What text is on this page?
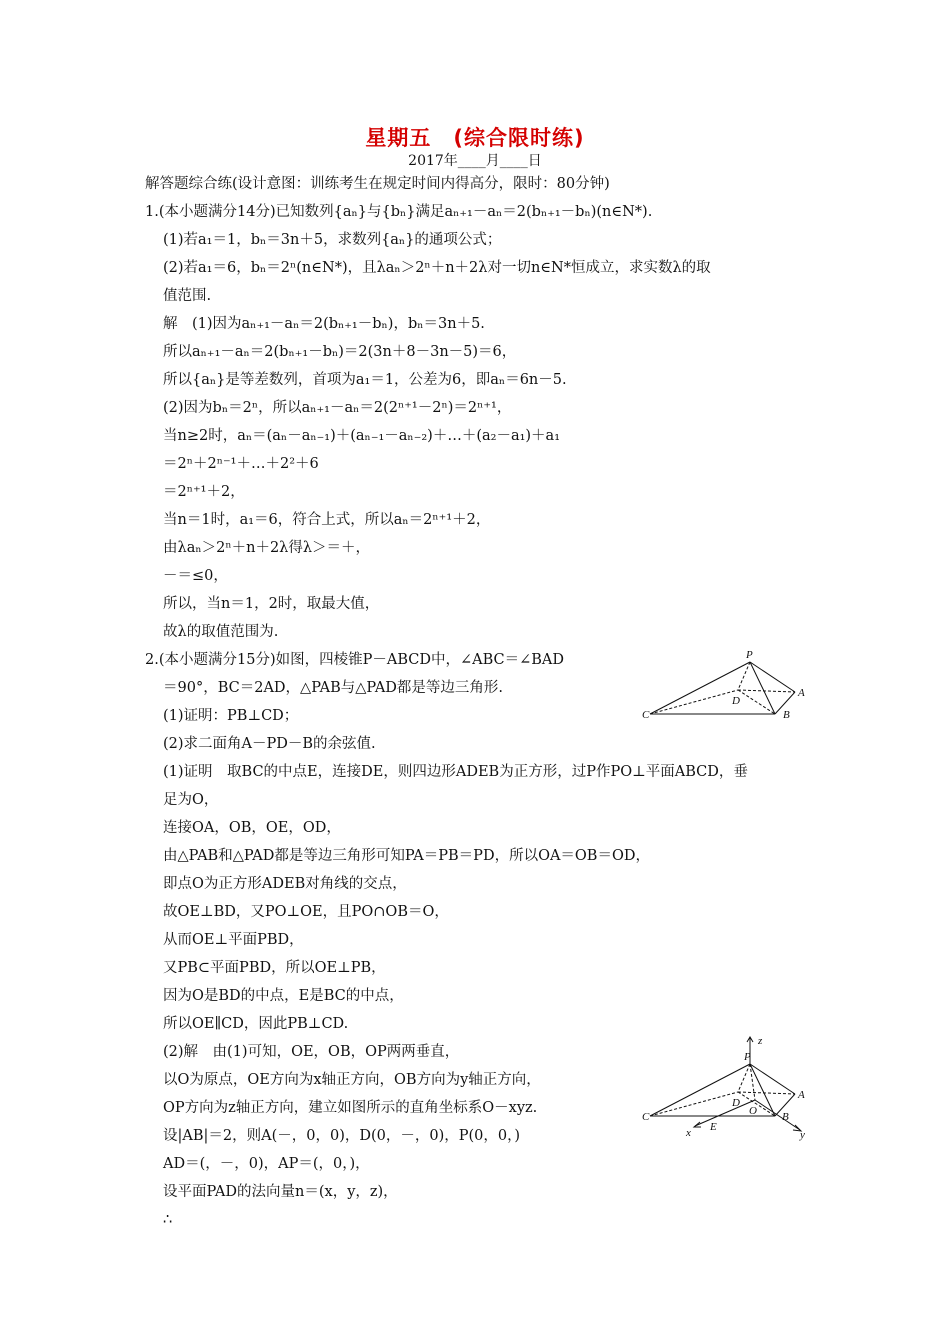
星期五　(综合限时练)
2017年____月____日
解答题综合练(设计意图：训练考生在规定时间内得高分，限时：80分钟)
1.(本小题满分14分)已知数列{aₙ}与{bₙ}满足aₙ₊₁－aₙ＝2(bₙ₊₁－bₙ)(n∈N*).
(1)若a₁＝1，bₙ＝3n＋5，求数列{aₙ}的通项公式；
(2)若a₁＝6，bₙ＝2ⁿ(n∈N*)，且λaₙ＞2ⁿ＋n＋2λ对一切n∈N*恒成立，求实数λ的取
值范围.
解　(1)因为aₙ₊₁－aₙ＝2(bₙ₊₁－bₙ)，bₙ＝3n＋5.
所以aₙ₊₁－aₙ＝2(bₙ₊₁－bₙ)＝2(3n＋8－3n－5)＝6，
所以{aₙ}是等差数列，首项为a₁＝1，公差为6，即aₙ＝6n－5.
(2)因为bₙ＝2ⁿ，所以aₙ₊₁－aₙ＝2(2ⁿ⁺¹－2ⁿ)＝2ⁿ⁺¹，
当n≥2时，aₙ＝(aₙ－aₙ₋₁)＋(aₙ₋₁－aₙ₋₂)＋…＋(a₂－a₁)＋a₁
＝2ⁿ＋2ⁿ⁻¹＋…＋2²＋6
＝2ⁿ⁺¹＋2，
当n＝1时，a₁＝6，符合上式，所以aₙ＝2ⁿ⁺¹＋2，
由λaₙ＞2ⁿ＋n＋2λ得λ＞＝＋，
－＝≤0，
所以，当n＝1，2时，取最大值，
故λ的取值范围为.
2.(本小题满分15分)如图，四棱锥P－ABCD中，∠ABC＝∠BAD
＝90°，BC＝2AD，△PAB与△PAD都是等边三角形.
(1)证明：PB⊥CD；
(2)求二面角A－PD－B的余弦值.
(1)证明　取BC的中点E，连接DE，则四边形ADEB为正方形，过P作PO⊥平面ABCD，垂
足为O，
连接OA，OB，OE，OD，
由△PAB和△PAD都是等边三角形可知PA＝PB＝PD，所以OA＝OB＝OD，
即点O为正方形ADEB对角线的交点，
故OE⊥BD，又PO⊥OE，且PO∩OB＝O，
从而OE⊥平面PBD，
又PB⊂平面PBD，所以OE⊥PB，
因为O是BD的中点，E是BC的中点，
所以OE∥CD，因此PB⊥CD.
(2)解　由(1)可知，OE，OB，OP两两垂直，
以O为原点，OE方向为x轴正方向，OB方向为y轴正方向，
OP方向为z轴正方向，建立如图所示的直角坐标系O－xyz.
设|AB|＝2，则A(－，0，0)，D(0，－，0)，P(0，0，)
AD＝(，－，0)，AP＝(，0，)，
设平面PAD的法向量n＝(x，y，z)，
∴
P
A
B
C
D
z
P
A
B
C
D
O
E
x	y
